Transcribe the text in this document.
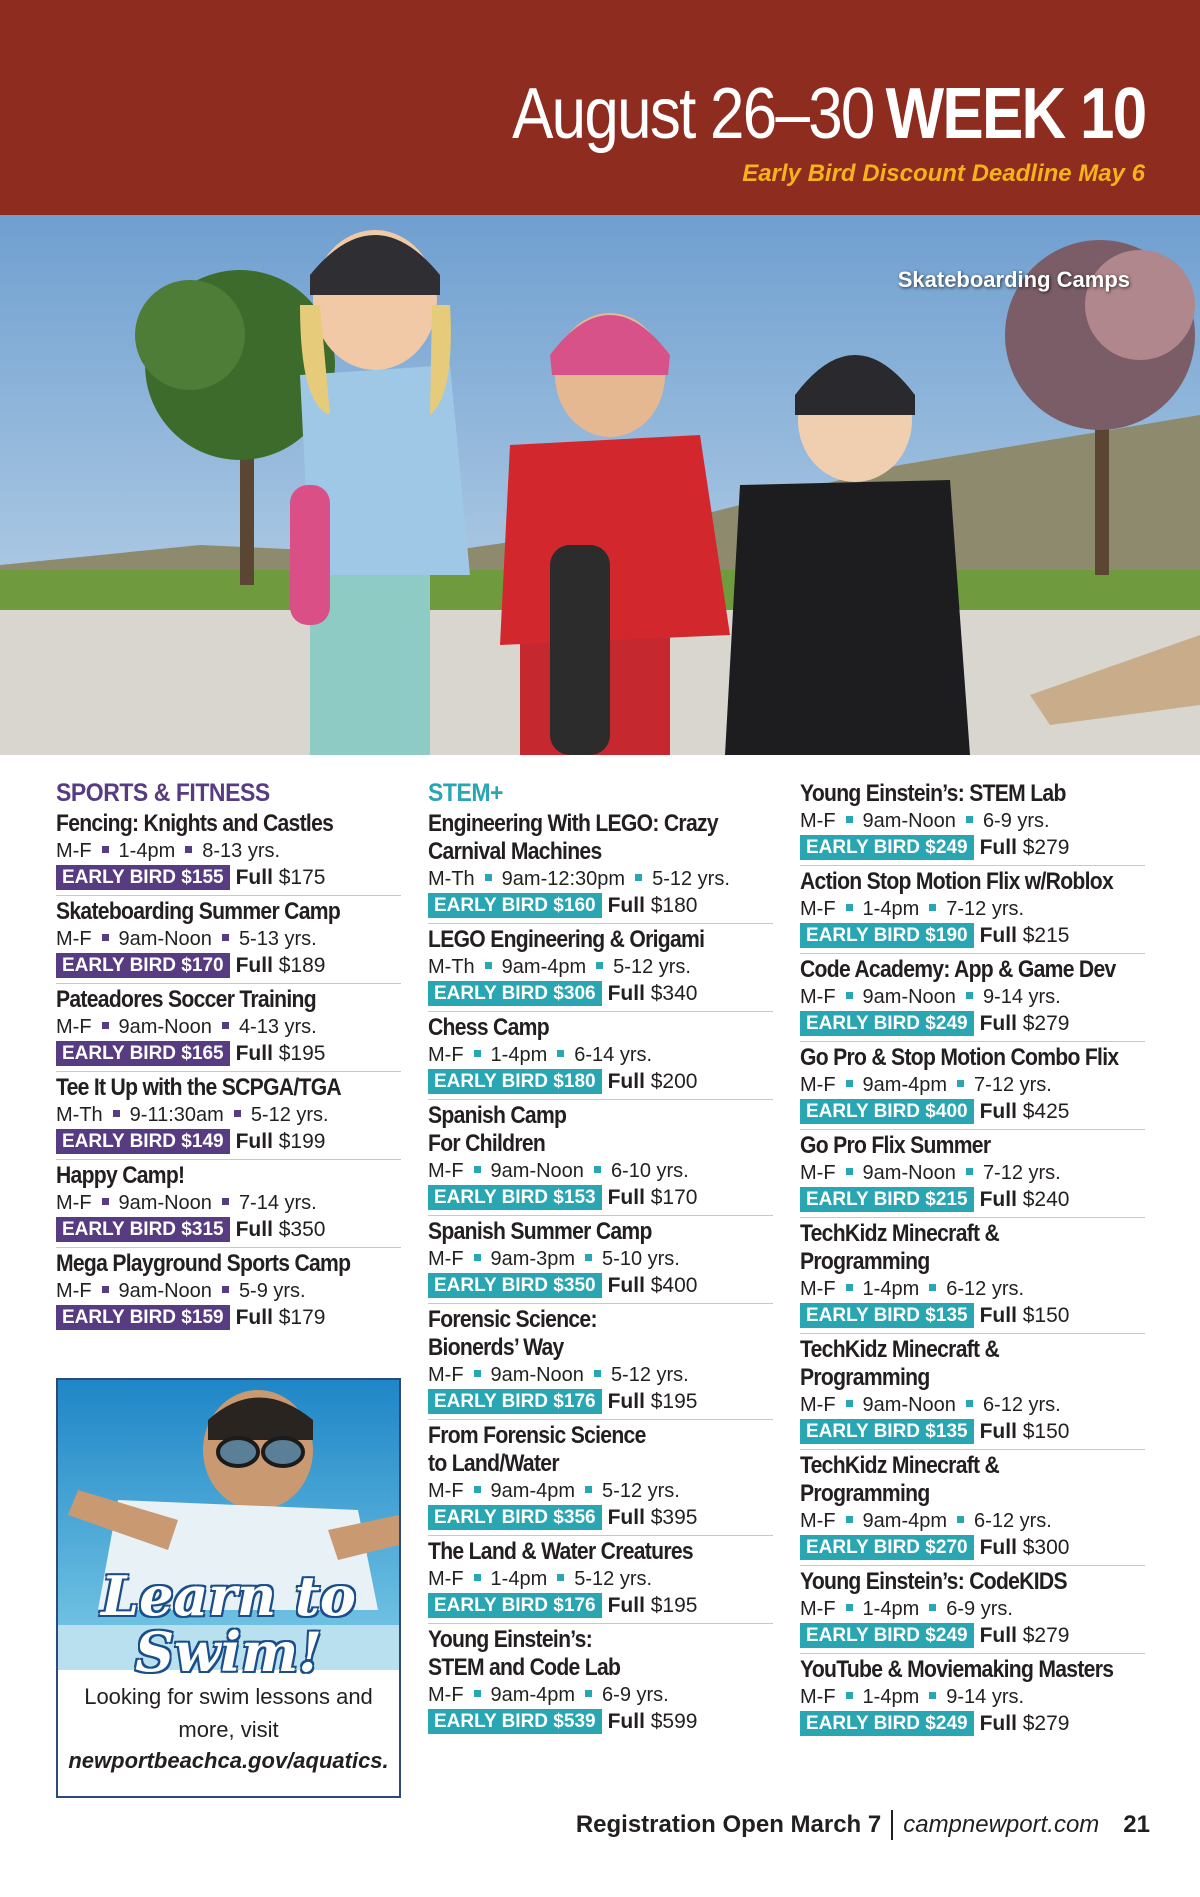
August 26–30 WEEK 10
Early Bird Discount Deadline May 6
Skateboarding Camps
SPORTS & FITNESS
Fencing: Knights and Castles
M-F 1-4pm 8-13 yrs.
EARLY BIRD $155 Full $175
Skateboarding Summer Camp
M-F 9am-Noon 5-13 yrs.
EARLY BIRD $170 Full $189
Pateadores Soccer Training
M-F 9am-Noon 4-13 yrs.
EARLY BIRD $165 Full $195
Tee It Up with the SCPGA/TGA
M-Th 9-11:30am 5-12 yrs.
EARLY BIRD $149 Full $199
Happy Camp!
M-F 9am-Noon 7-14 yrs.
EARLY BIRD $315 Full $350
Mega Playground Sports Camp
M-F 9am-Noon 5-9 yrs.
EARLY BIRD $159 Full $179
STEM+
Engineering With LEGO: Crazy
Carnival Machines
M-Th 9am-12:30pm 5-12 yrs.
EARLY BIRD $160 Full $180
LEGO Engineering & Origami
M-Th 9am-4pm 5-12 yrs.
EARLY BIRD $306 Full $340
Chess Camp
M-F 1-4pm 6-14 yrs.
EARLY BIRD $180 Full $200
Spanish Camp
For Children
M-F 9am-Noon 6-10 yrs.
EARLY BIRD $153 Full $170
Spanish Summer Camp
M-F 9am-3pm 5-10 yrs.
EARLY BIRD $350 Full $400
Forensic Science:
Bionerds’ Way
M-F 9am-Noon 5-12 yrs.
EARLY BIRD $176 Full $195
From Forensic Science
to Land/Water
M-F 9am-4pm 5-12 yrs.
EARLY BIRD $356 Full $395
The Land & Water Creatures
M-F 1-4pm 5-12 yrs.
EARLY BIRD $176 Full $195
Young Einstein’s:
STEM and Code Lab
M-F 9am-4pm 6-9 yrs.
EARLY BIRD $539 Full $599
Young Einstein’s: STEM Lab
M-F 9am-Noon 6-9 yrs.
EARLY BIRD $249 Full $279
Action Stop Motion Flix w/Roblox
M-F 1-4pm 7-12 yrs.
EARLY BIRD $190 Full $215
Code Academy: App & Game Dev
M-F 9am-Noon 9-14 yrs.
EARLY BIRD $249 Full $279
Go Pro & Stop Motion Combo Flix
M-F 9am-4pm 7-12 yrs.
EARLY BIRD $400 Full $425
Go Pro Flix Summer
M-F 9am-Noon 7-12 yrs.
EARLY BIRD $215 Full $240
TechKidz Minecraft &
Programming
M-F 1-4pm 6-12 yrs.
EARLY BIRD $135 Full $150
TechKidz Minecraft &
Programming
M-F 9am-Noon 6-12 yrs.
EARLY BIRD $135 Full $150
TechKidz Minecraft &
Programming
M-F 9am-4pm 6-12 yrs.
EARLY BIRD $270 Full $300
Young Einstein’s: CodeKIDS
M-F 1-4pm 6-9 yrs.
EARLY BIRD $249 Full $279
YouTube & Moviemaking Masters
M-F 1-4pm 9-14 yrs.
EARLY BIRD $249 Full $279
Learn to
Swim!
Looking for swim lessons and more, visit
newportbeachca.gov/aquatics.
Registration Open March 7 campnewport.com 21
